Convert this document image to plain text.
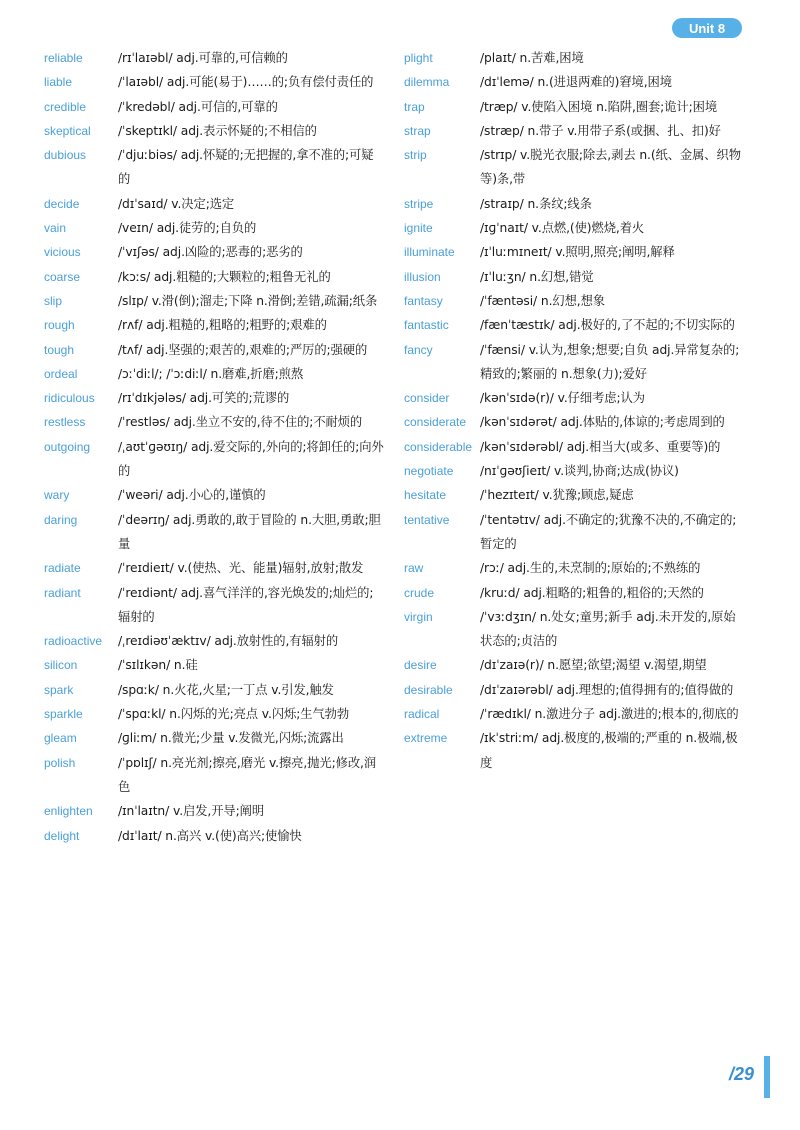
Unit 8
reliable	/rɪˈlaɪəbl/ adj.可靠的,可信赖的
liable	/ˈlaɪəbl/ adj.可能(易于)……的;负有偿付责任的
credible	/ˈkredəbl/ adj.可信的,可靠的
skeptical	/ˈskeptɪkl/ adj.表示怀疑的;不相信的
dubious	/ˈdjuːbiəs/ adj.怀疑的;无把握的,拿不准的;可疑的
decide	/dɪˈsaɪd/ v.决定;选定
vain	/veɪn/ adj.徒劳的;自负的
vicious	/ˈvɪʃəs/ adj.凶险的;恶毒的;恶劣的
coarse	/kɔːs/ adj.粗糙的;大颗粒的;粗鲁无礼的
slip	/slɪp/ v.滑(倒);溜走;下降 n.滑倒;差错,疏漏;纸条
rough	/rʌf/ adj.粗糙的,粗略的;粗野的;艰难的
tough	/tʌf/ adj.坚强的;艰苦的,艰难的;严厉的;强硬的
ordeal	/ɔːˈdiːl/; /ˈɔːdiːl/ n.磨难,折磨;煎熬
ridiculous	/rɪˈdɪkjələs/ adj.可笑的;荒谬的
restless	/ˈrestləs/ adj.坐立不安的,待不住的;不耐烦的
outgoing	/ˌaʊtˈɡəʊɪŋ/ adj.爱交际的,外向的;将卸任的;向外的
wary	/ˈweəri/ adj.小心的,谨慎的
daring	/ˈdeərɪŋ/ adj.勇敢的,敢于冒险的 n.大胆,勇敢;胆量
radiate	/ˈreɪdieɪt/ v.(使热、光、能量)辐射,放射;散发
radiant	/ˈreɪdiənt/ adj.喜气洋洋的,容光焕发的;灿烂的;辐射的
radioactive	/ˌreɪdiəʊˈæktɪv/ adj.放射性的,有辐射的
silicon	/ˈsɪlɪkən/ n.硅
spark	/spɑːk/ n.火花,火星;一丁点 v.引发,触发
sparkle	/ˈspɑːkl/ n.闪烁的光;亮点 v.闪烁;生气勃勃
gleam	/ɡliːm/ n.微光;少量 v.发微光,闪烁;流露出
polish	/ˈpɒlɪʃ/ n.亮光剂;擦亮,磨光 v.擦亮,抛光;修改,润色
enlighten	/ɪnˈlaɪtn/ v.启发,开导;阐明
delight	/dɪˈlaɪt/ n.高兴 v.(使)高兴;使愉快
plight	/plaɪt/ n.苦难,困境
dilemma	/dɪˈlemə/ n.(进退两难的)窘境,困境
trap	/træp/ v.使陷入困境 n.陷阱,圈套;诡计;困境
strap	/stræp/ n.带子 v.用带子系(或捆、扎、扣)好
strip	/strɪp/ v.脱光衣服;除去,剥去 n.(纸、金属、织物等)条,带
stripe	/straɪp/ n.条纹;线条
ignite	/ɪɡˈnaɪt/ v.点燃,(使)燃烧,着火
illuminate	/ɪˈluːmɪneɪt/ v.照明,照亮;阐明,解释
illusion	/ɪˈluːʒn/ n.幻想,错觉
fantasy	/ˈfæntəsi/ n.幻想,想象
fantastic	/fænˈtæstɪk/ adj.极好的,了不起的;不切实际的
fancy	/ˈfænsi/ v.认为,想象;想要;自负 adj.异常复杂的;精致的;繁丽的 n.想象(力);爱好
consider	/kənˈsɪdə(r)/ v.仔细考虑;认为
considerate	/kənˈsɪdərət/ adj.体贴的,体谅的;考虑周到的
considerable /kənˈsɪdərəbl/ adj.相当大(或多、重要等)的
negotiate	/nɪˈɡəʊʃieɪt/ v.谈判,协商;达成(协议)
hesitate	/ˈhezɪteɪt/ v.犹豫;顾虑,疑虑
tentative	/ˈtentətɪv/ adj.不确定的;犹豫不决的,不确定的;暂定的
raw	/rɔː/ adj.生的,未烹制的;原始的;不熟练的
crude	/kruːd/ adj.粗略的;粗鲁的,粗俗的;天然的
virgin	/ˈvɜːdʒɪn/ n.处女;童男;新手 adj.未开发的,原始状态的;贞洁的
desire	/dɪˈzaɪə(r)/ n.愿望;欲望;渴望 v.渴望,期望
desirable	/dɪˈzaɪərəbl/ adj.理想的;值得拥有的;值得做的
radical	/ˈrædɪkl/ n.激进分子 adj.激进的;根本的,彻底的
extreme	/ɪkˈstriːm/ adj.极度的,极端的;严重的 n.极端,极度
/29
